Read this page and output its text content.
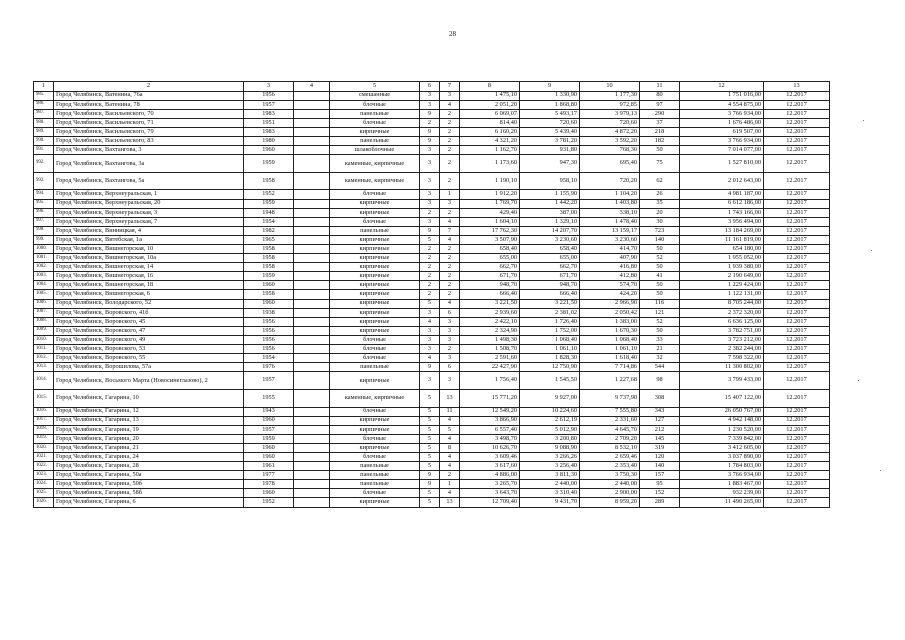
28
1	2	3	4	5	6	7	8	9	10	11	12	13
985.	Город Челябинск, Ватенина, 76а	1956		смешанные	3	3	1 475,10	1 330,90	1 177,30	80	1 751 016,00	12.2017
986.	Город Челябинск, Ватенина, 78	1957		блочные	3	4	2 051,20	1 868,80	972,85	97	4 554 875,00	12.2017
987.	Город Челябинск, Васильевского, 70	1983		панельные	9	2	6 069,07	5 493,17	3 979,13	290	3 766 934,00	12.2017
988.	Город Челябинск, Васильевского, 71	1951		блочные	2	2	814,40	720,60	720,60	37	1 676 486,00	12.2017
989.	Город Челябинск, Васильевского, 79	1983		кирпичные	9	2	6 160,20	5 439,40	4 872,20	218	619 507,00	12.2017
990.	Город Челябинск, Васильевского, 83	1980		панельные	9	2	4 321,20	3 781,20	3 592,20	182	3 766 934,00	12.2017
991.	Город Челябинск, Вахтангова, 3	1960		шлакоблочные	3	2	1 162,70	931,80	768,30	50	7 014 077,00	12.2017
992.	Город Челябинск, Вахтангова, 3а	1959		каменные, кирпичные	3	2	1 173,60	947,30	695,40	75	1 527 810,00	12.2017
993.	Город Челябинск, Вахтангова, 5а	1958		каменные, кирпичные	3	2	1 190,10	958,10	720,20	62	2 012 643,00	12.2017
994.	Город Челябинск, Верхнеуральская, 1	1952		блочные	3	1	1 912,20	1 155,90	1 104,20	26	4 981 187,00	12.2017
995.	Город Челябинск, Верхнеуральская, 20	1959		кирпичные	3	3	1 769,70	1 442,20	1 403,80	35	6 612 186,00	12.2017
996.	Город Челябинск, Верхнеуральская, 3	1948		кирпичные	2	2	429,40	387,00	338,10	20	1 743 166,00	12.2017
997.	Город Челябинск, Верхнеуральская, 7	1954		блочные	3	4	1 604,10	1 329,10	1 478,40	30	3 956 494,00	12.2017
998.	Город Челябинск, Винницкая, 4	1982		панельные	9	7	17 762,30	14 207,70	13 159,17	723	13 184 269,00	12.2017
999.	Город Челябинск, Витебская, 1а	1965		кирпичные	5	4	3 507,90	3 230,60	3 230,60	140	11 161 819,00	12.2017
1000.	Город Челябинск, Вишнегорская, 10	1958		кирпичные	2	2	658,40	658,40	414,70	50	654 180,00	12.2017
1001.	Город Челябинск, Вишнегорская, 10а	1958		кирпичные	2	2	655,00	655,00	407,90	52	1 955 052,00	12.2017
1002.	Город Челябинск, Вишнегорская, 14	1958		кирпичные	2	2	662,70	662,70	416,80	50	1 939 380,00	12.2017
1003.	Город Челябинск, Вишнегорская, 16	1959		кирпичные	2	2	671,70	671,70	412,80	41	2 190 649,00	12.2017
1004.	Город Челябинск, Вишнегорская, 18	1960		кирпичные	2	2	948,70	948,70	574,70	50	1 229 424,00	12.2017
1005.	Город Челябинск, Вишнегорская, 6	1958		кирпичные	2	2	666,40	666,40	424,20	50	1 122 131,00	12.2017
1006.	Город Челябинск, Володарского, 52	1960		кирпичные	5	4	3 221,50	3 221,50	2 966,90	116	8 705 244,00	12.2017
1007.	Город Челябинск, Воровского, 41б	1938		кирпичные	3	6	2 939,60	2 381,02	2 050,42	121	2 372 320,00	12.2017
1008.	Город Челябинск, Воровского, 45	1956		кирпичные	4	3	2 422,10	1 726,40	1 383,00	52	6 636 125,00	12.2017
1009.	Город Челябинск, Воровского, 47	1956		кирпичные	3	3	2 324,90	1 752,00	1 670,30	50	3 782 751,00	12.2017
1010.	Город Челябинск, Воровского, 49	1956		блочные	3	3	1 498,30	1 068,40	1 068,40	33	3 723 212,00	12.2017
1011.	Город Челябинск, Воровского, 53	1956		блочные	3	2	1 508,70	1 061,10	1 061,10	21	2 382 244,00	12.2017
1012.	Город Челябинск, Воровского, 55	1954		блочные	4	3	2 591,60	1 828,30	1 618,40	32	7 598 322,00	12.2017
1013.	Город Челябинск, Ворошилова, 57а	1976		панельные	9	6	22 427,90	12 750,90	7 714,86	544	11 300 802,00	12.2017
1014.	Город Челябинск, Восьмого Марта (Новосинеглазово), 2	1957		кирпичные	3	3	1 756,40	1 545,50	1 227,68	98	3 799 433,00	12.2017
1015.	Город Челябинск, Гагарина, 10	1955		каменные, кирпичные	5	13	15 771,20	9 927,00	9 737,90	308	15 407 122,00	12.2017
1016.	Город Челябинск, Гагарина, 12	1943		блочные	5	11	12 549,20	10 224,60	7 555,80	343	26 050 767,00	12.2017
1017.	Город Челябинск, Гагарина, 13	1960		кирпичные	5	4	3 866,90	2 612,19	2 331,60	127	4 942 148,00	12.2017
1018.	Город Челябинск, Гагарина, 19	1957		кирпичные	5	5	6 557,40	5 012,90	4 645,70	212	1 230 520,00	12.2017
1019.	Город Челябинск, Гагарина, 20	1959		блочные	5	4	3 498,70	3 200,80	2 709,20	145	7 339 842,00	12.2017
1020.	Город Челябинск, Гагарина, 21	1960		кирпичные	5	8	10 626,70	9 088,90	8 532,10	319	3 412 605,00	12.2017
1021.	Город Челябинск, Гагарина, 24	1960		блочные	5	4	3 609,46	3 266,26	2 659,46	120	3 037 890,00	12.2017
1022.	Город Челябинск, Гагарина, 28	1961		панельные	5	4	3 617,60	3 256,40	2 353,40	140	1 784 803,00	12.2017
1023.	Город Челябинск, Гагарина, 50а	1977		панельные	9	2	4 886,00	3 811,30	3 750,30	157	3 766 934,00	12.2017
1024.	Город Челябинск, Гагарина, 50б	1978		панельные	9	1	3 265,70	2 440,00	2 440,00	95	1 883 467,00	12.2017
1025.	Город Челябинск, Гагарина, 58б	1960		блочные	5	4	3 643,70	3 310,40	2 900,00	152	932 239,00	12.2017
1026.	Город Челябинск, Гагарина, 6	1952		кирпичные	5	13	12 709,40	9 431,70	8 959,20	289	11 490 265,00	12.2017
